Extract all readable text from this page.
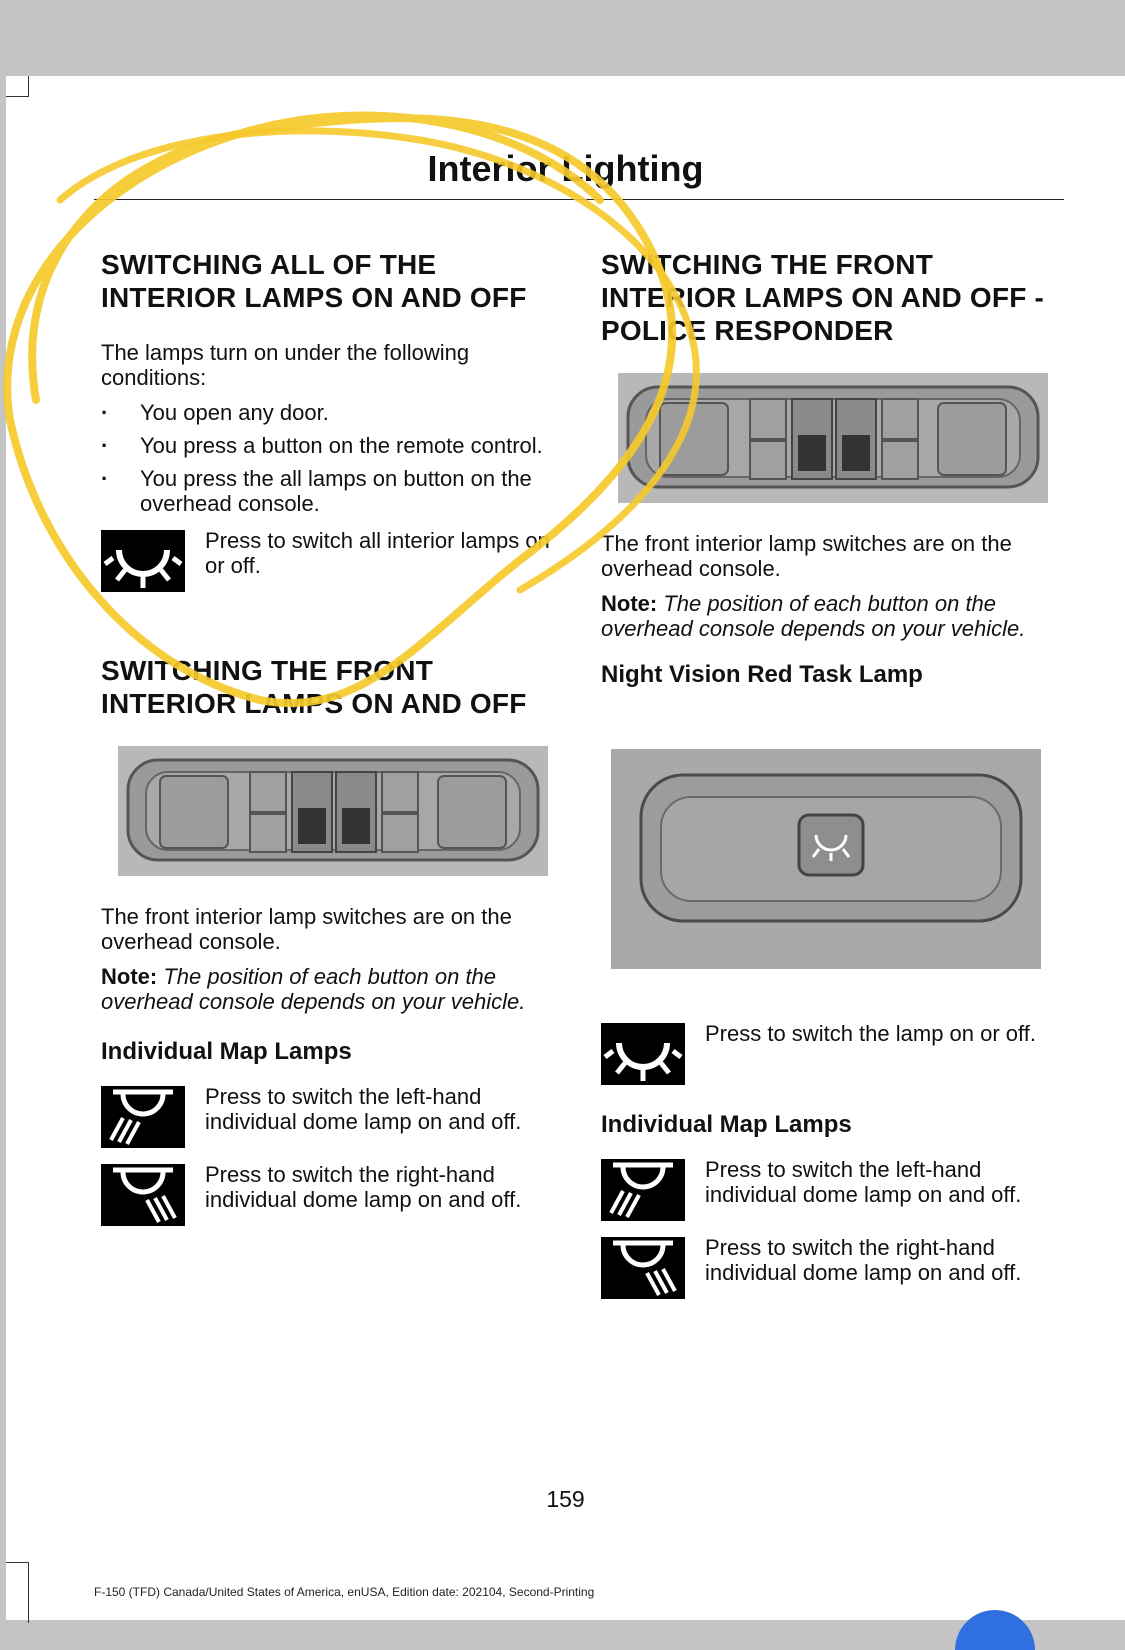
Interior Lighting
SWITCHING ALL OF THE INTERIOR LAMPS ON AND OFF

The lamps turn on under the following conditions:

· You open any door.
· You press a button on the remote control.
· You press the all lamps on button on the overhead console.

Press to switch all interior lamps on or off.

SWITCHING THE FRONT INTERIOR LAMPS ON AND OFF

The front interior lamp switches are on the overhead console.

Note: The position of each button on the overhead console depends on your vehicle.

Individual Map Lamps

Press to switch the left-hand individual dome lamp on and off.

Press to switch the right-hand individual dome lamp on and off.

SWITCHING THE FRONT INTERIOR LAMPS ON AND OFF - POLICE RESPONDER

The front interior lamp switches are on the overhead console.

Note: The position of each button on the overhead console depends on your vehicle.

Night Vision Red Task Lamp

Press to switch the lamp on or off.

Individual Map Lamps

Press to switch the left-hand individual dome lamp on and off.

Press to switch the right-hand individual dome lamp on and off.

159
F-150 (TFD) Canada/United States of America, enUSA, Edition date: 202104, Second-Printing
